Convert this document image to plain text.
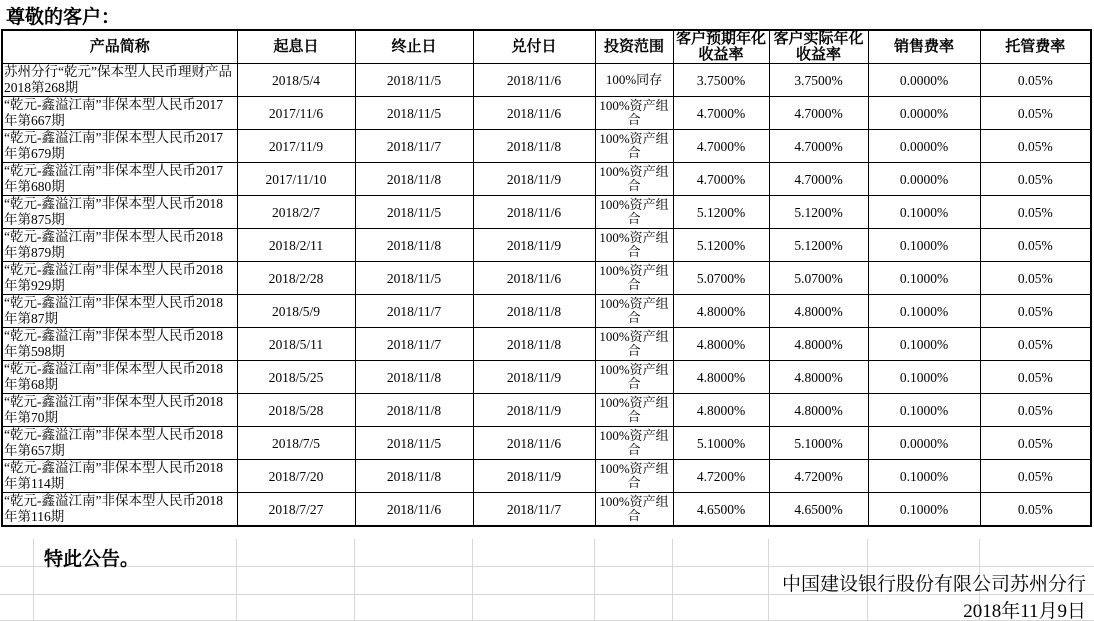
尊敬的客户：
产品简称	起息日	终止日	兑付日	投资范围	客户预期年化收益率	客户实际年化收益率	销售费率	托管费率
苏州分行“乾元”保本型人民币理财产品2018第268期	2018/5/4	2018/11/5	2018/11/6	100%同存	3.7500%	3.7500%	0.0000%	0.05%
“乾元-鑫溢江南”非保本型人民币2017年第667期	2017/11/6	2018/11/5	2018/11/6	100%资产组合	4.7000%	4.7000%	0.0000%	0.05%
“乾元-鑫溢江南”非保本型人民币2017年第679期	2017/11/9	2018/11/7	2018/11/8	100%资产组合	4.7000%	4.7000%	0.0000%	0.05%
“乾元-鑫溢江南”非保本型人民币2017年第680期	2017/11/10	2018/11/8	2018/11/9	100%资产组合	4.7000%	4.7000%	0.0000%	0.05%
“乾元-鑫溢江南”非保本型人民币2018年第875期	2018/2/7	2018/11/5	2018/11/6	100%资产组合	5.1200%	5.1200%	0.1000%	0.05%
“乾元-鑫溢江南”非保本型人民币2018年第879期	2018/2/11	2018/11/8	2018/11/9	100%资产组合	5.1200%	5.1200%	0.1000%	0.05%
“乾元-鑫溢江南”非保本型人民币2018年第929期	2018/2/28	2018/11/5	2018/11/6	100%资产组合	5.0700%	5.0700%	0.1000%	0.05%
“乾元-鑫溢江南”非保本型人民币2018年第87期	2018/5/9	2018/11/7	2018/11/8	100%资产组合	4.8000%	4.8000%	0.1000%	0.05%
“乾元-鑫溢江南”非保本型人民币2018年第598期	2018/5/11	2018/11/7	2018/11/8	100%资产组合	4.8000%	4.8000%	0.1000%	0.05%
“乾元-鑫溢江南”非保本型人民币2018年第68期	2018/5/25	2018/11/8	2018/11/9	100%资产组合	4.8000%	4.8000%	0.1000%	0.05%
“乾元-鑫溢江南”非保本型人民币2018年第70期	2018/5/28	2018/11/8	2018/11/9	100%资产组合	4.8000%	4.8000%	0.1000%	0.05%
“乾元-鑫溢江南”非保本型人民币2018年第657期	2018/7/5	2018/11/5	2018/11/6	100%资产组合	5.1000%	5.1000%	0.0000%	0.05%
“乾元-鑫溢江南”非保本型人民币2018年第114期	2018/7/20	2018/11/8	2018/11/9	100%资产组合	4.7200%	4.7200%	0.1000%	0.05%
“乾元-鑫溢江南”非保本型人民币2018年第116期	2018/7/27	2018/11/6	2018/11/7	100%资产组合	4.6500%	4.6500%	0.1000%	0.05%
特此公告。
中国建设银行股份有限公司苏州分行
2018年11月9日
